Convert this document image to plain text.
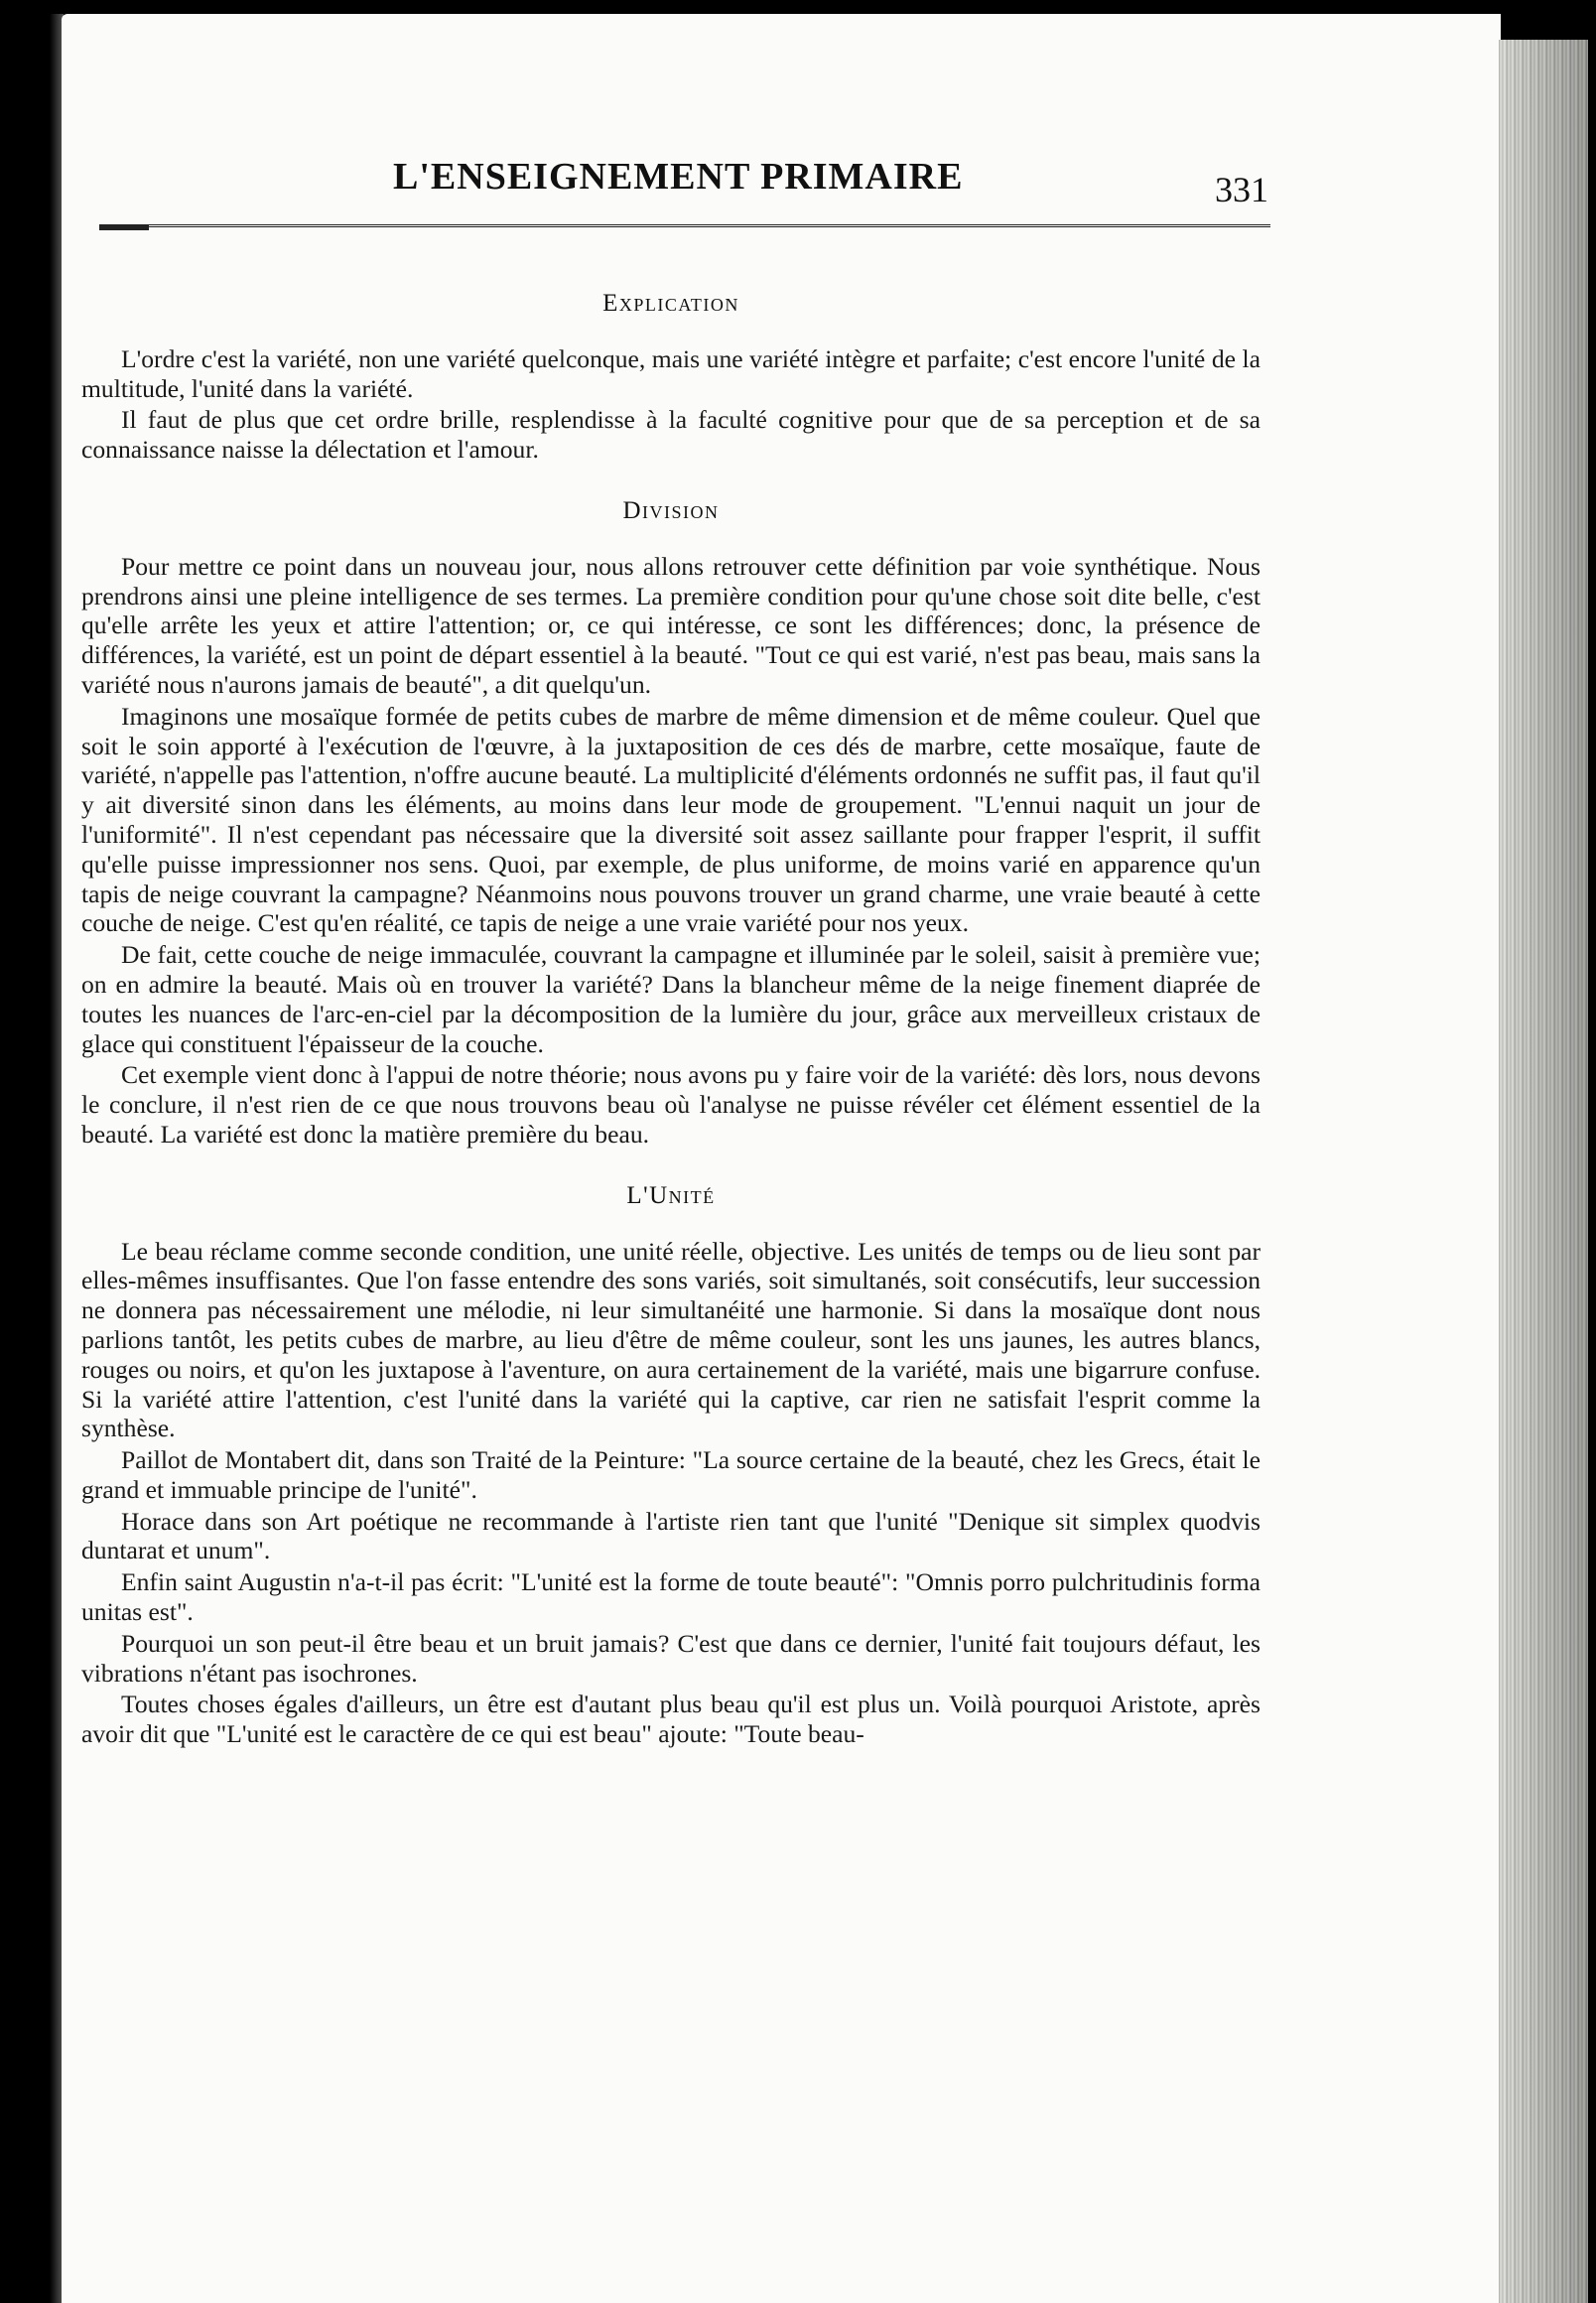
L'ENSEIGNEMENT PRIMAIRE	331
Explication

L'ordre c'est la variété, non une variété quelconque, mais une variété intègre et parfaite; c'est encore l'unité de la multitude, l'unité dans la variété.

Il faut de plus que cet ordre brille, resplendisse à la faculté cognitive pour que de sa perception et de sa connaissance naisse la délectation et l'amour.

Division

Pour mettre ce point dans un nouveau jour, nous allons retrouver cette définition par voie synthétique. Nous prendrons ainsi une pleine intelligence de ses termes. La première condition pour qu'une chose soit dite belle, c'est qu'elle arrête les yeux et attire l'attention; or, ce qui intéresse, ce sont les différences; donc, la présence de différences, la variété, est un point de départ essentiel à la beauté. "Tout ce qui est varié, n'est pas beau, mais sans la variété nous n'aurons jamais de beauté", a dit quelqu'un.

Imaginons une mosaïque formée de petits cubes de marbre de même dimension et de même couleur. Quel que soit le soin apporté à l'exécution de l'œuvre, à la juxtaposition de ces dés de marbre, cette mosaïque, faute de variété, n'appelle pas l'attention, n'offre aucune beauté. La multiplicité d'éléments ordonnés ne suffit pas, il faut qu'il y ait diversité sinon dans les éléments, au moins dans leur mode de groupement. "L'ennui naquit un jour de l'uniformité". Il n'est cependant pas nécessaire que la diversité soit assez saillante pour frapper l'esprit, il suffit qu'elle puisse impressionner nos sens. Quoi, par exemple, de plus uniforme, de moins varié en apparence qu'un tapis de neige couvrant la campagne? Néanmoins nous pouvons trouver un grand charme, une vraie beauté à cette couche de neige. C'est qu'en réalité, ce tapis de neige a une vraie variété pour nos yeux.

De fait, cette couche de neige immaculée, couvrant la campagne et illuminée par le soleil, saisit à première vue; on en admire la beauté. Mais où en trouver la variété? Dans la blancheur même de la neige finement diaprée de toutes les nuances de l'arc-en-ciel par la décomposition de la lumière du jour, grâce aux merveilleux cristaux de glace qui constituent l'épaisseur de la couche.

Cet exemple vient donc à l'appui de notre théorie; nous avons pu y faire voir de la variété: dès lors, nous devons le conclure, il n'est rien de ce que nous trouvons beau où l'analyse ne puisse révéler cet élément essentiel de la beauté. La variété est donc la matière première du beau.

L'Unité

Le beau réclame comme seconde condition, une unité réelle, objective. Les unités de temps ou de lieu sont par elles-mêmes insuffisantes. Que l'on fasse entendre des sons variés, soit simultanés, soit consécutifs, leur succession ne donnera pas nécessairement une mélodie, ni leur simultanéité une harmonie. Si dans la mosaïque dont nous parlions tantôt, les petits cubes de marbre, au lieu d'être de même couleur, sont les uns jaunes, les autres blancs, rouges ou noirs, et qu'on les juxtapose à l'aventure, on aura certainement de la variété, mais une bigarrure confuse. Si la variété attire l'attention, c'est l'unité dans la variété qui la captive, car rien ne satisfait l'esprit comme la synthèse.

Paillot de Montabert dit, dans son Traité de la Peinture: "La source certaine de la beauté, chez les Grecs, était le grand et immuable principe de l'unité".

Horace dans son Art poétique ne recommande à l'artiste rien tant que l'unité "Denique sit simplex quodvis duntarat et unum".

Enfin saint Augustin n'a-t-il pas écrit: "L'unité est la forme de toute beauté": "Omnis porro pulchritudinis forma unitas est".

Pourquoi un son peut-il être beau et un bruit jamais? C'est que dans ce dernier, l'unité fait toujours défaut, les vibrations n'étant pas isochrones.

Toutes choses égales d'ailleurs, un être est d'autant plus beau qu'il est plus un. Voilà pourquoi Aristote, après avoir dit que "L'unité est le caractère de ce qui est beau" ajoute: "Toute beau-
